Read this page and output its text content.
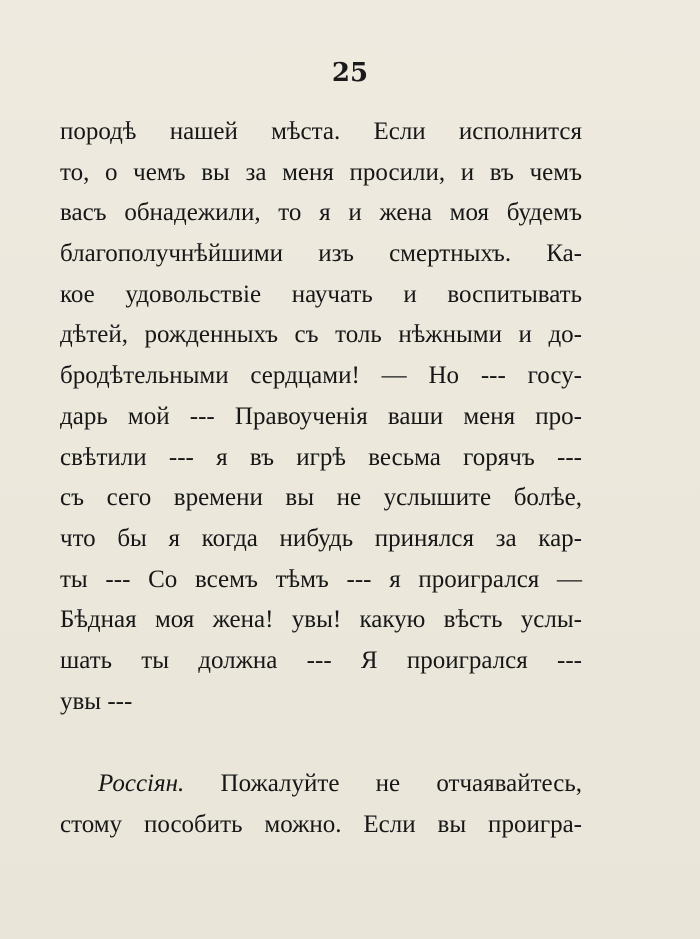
25
породѣ нашей мѣста. Если исполнится
то, о чемъ вы за меня просили, и въ чемъ
васъ обнадежили, то я и жена моя будемъ
благополучнѣйшими изъ смертныхъ. Ка-
кое удовольствіе научать и воспитывать
дѣтей, рожденныхъ съ толь нѣжными и до-
бродѣтельными сердцами! — Но --- госу-
дарь мой --- Правоученія ваши меня про-
свѣтили --- я въ игрѣ весьма горячъ ---
съ сего времени вы не услышите болѣе,
что бы я когда нибудь принялся за кар-
ты --- Со всемъ тѣмъ --- я проигрался —
Бѣдная моя жена! увы! какую вѣсть услы-
шать ты должна --- Я проигрался ---
увы ---
Россіян. Пожалуйте не отчаявайтесь,
стому пособить можно. Если вы проигра-
